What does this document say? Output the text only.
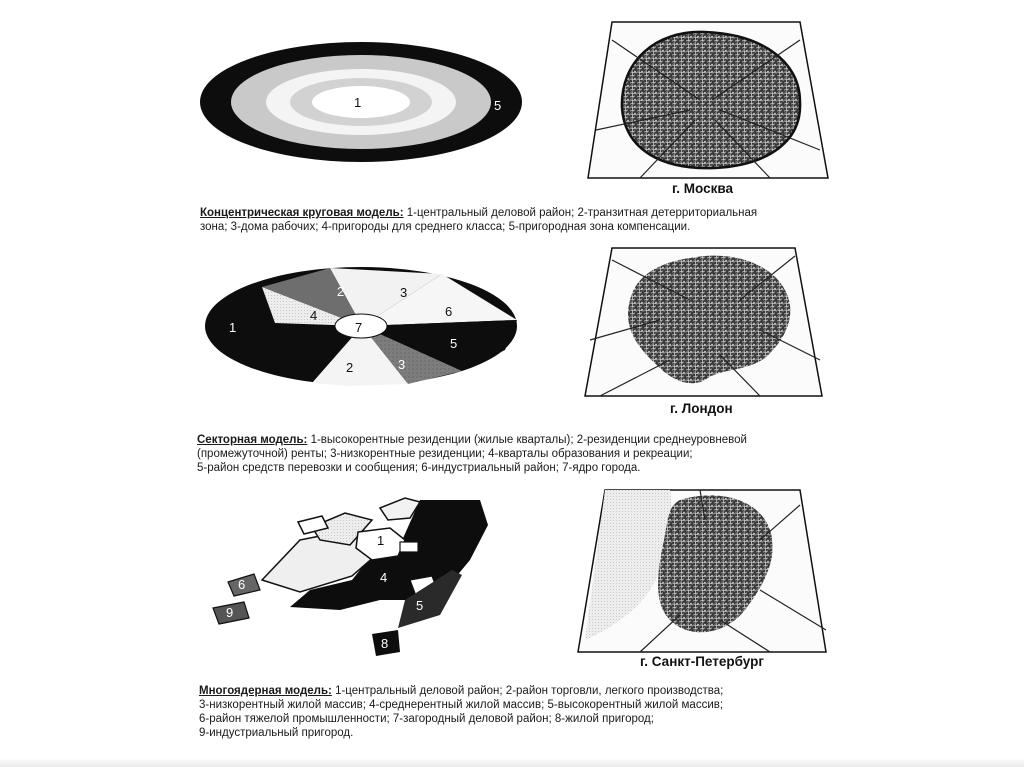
1	5
1
2	3
4
5
6
7
2	3
1
4
5
6
8
9
г. Москва
г. Лондон
г. Санкт-Петербург
Концентрическая круговая модель: 1-центральный деловой район; 2-транзитная детерриториальная
зона; 3-дома рабочих; 4-пригороды для среднего класса; 5-пригородная зона компенсации.
Секторная модель: 1-высокорентные резиденции (жилые кварталы); 2-резиденции среднеуровневой
(промежуточной) ренты; 3-низкорентные резиденции; 4-кварталы образования и рекреации;
5-район средств перевозки и сообщения; 6-индустриальный район; 7-ядро города.
Многоядерная модель: 1-центральный деловой район; 2-район торговли, легкого производства;
3-низкорентный жилой массив; 4-среднерентный жилой массив; 5-высокорентный жилой массив;
6-район тяжелой промышленности; 7-загородный деловой район; 8-жилой пригород;
9-индустриальный пригород.
